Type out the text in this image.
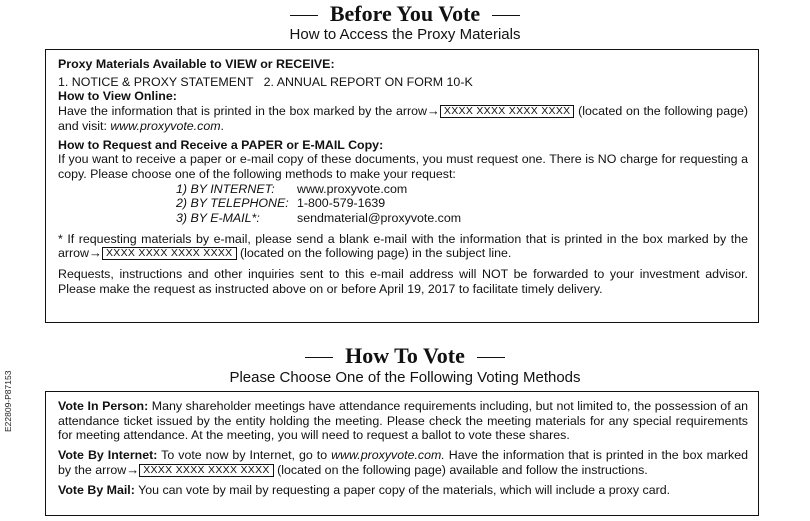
Before You Vote
How to Access the Proxy Materials

Proxy Materials Available to VIEW or RECEIVE:

1. NOTICE & PROXY STATEMENT   2. ANNUAL REPORT ON FORM 10-K

How to View Online:

Have the information that is printed in the box marked by the arrow→ XXXX XXXX XXXX XXXX (located on the following page) and visit: www.proxyvote.com.

How to Request and Receive a PAPER or E-MAIL Copy:

If you want to receive a paper or e-mail copy of these documents, you must request one. There is NO charge for requesting a copy. Please choose one of the following methods to make your request:

1) BY INTERNET:	www.proxyvote.com
2) BY TELEPHONE: 1-800-579-1639
3) BY E-MAIL*:	sendmaterial@proxyvote.com

* If requesting materials by e-mail, please send a blank e-mail with the information that is printed in the box marked by the arrow→ XXXX XXXX XXXX XXXX (located on the following page) in the subject line.

Requests, instructions and other inquiries sent to this e-mail address will NOT be forwarded to your investment advisor. Please make the request as instructed above on or before April 19, 2017 to facilitate timely delivery.

How To Vote
Please Choose One of the Following Voting Methods

Vote In Person: Many shareholder meetings have attendance requirements including, but not limited to, the possession of an attendance ticket issued by the entity holding the meeting. Please check the meeting materials for any special requirements for meeting attendance. At the meeting, you will need to request a ballot to vote these shares.

Vote By Internet: To vote now by Internet, go to www.proxyvote.com. Have the information that is printed in the box marked by the arrow→ XXXX XXXX XXXX XXXX (located on the following page) available and follow the instructions.

Vote By Mail: You can vote by mail by requesting a paper copy of the materials, which will include a proxy card.

E22809-P87153
